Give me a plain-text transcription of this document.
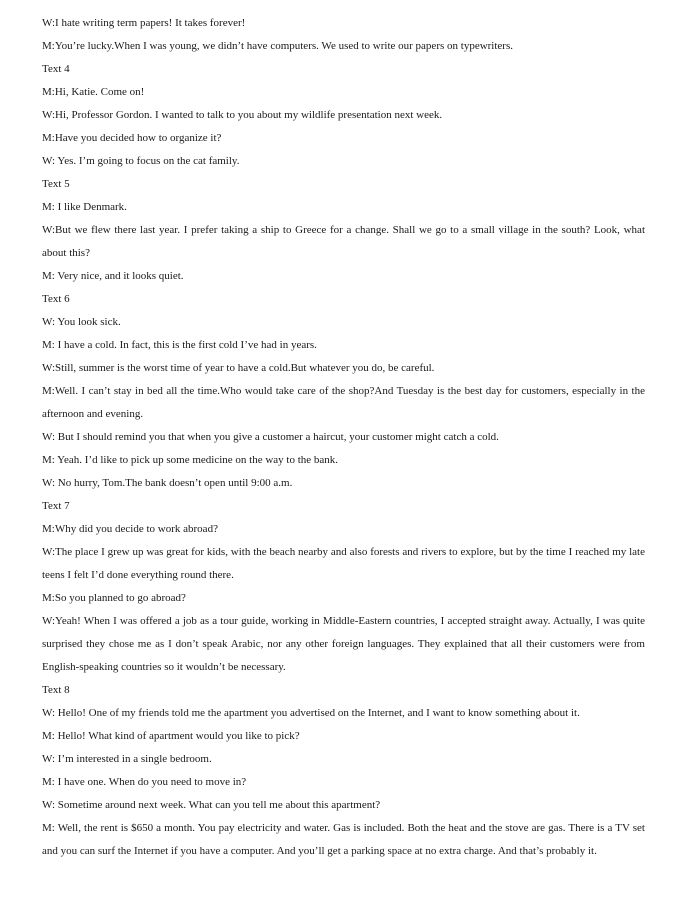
W:I hate writing term papers! It takes forever!

M:You’re lucky.When I was young, we didn’t have computers. We used to write our papers on typewriters.

Text 4

M:Hi, Katie. Come on!

W:Hi, Professor Gordon. I wanted to talk to you about my wildlife presentation next week.

M:Have you decided how to organize it?

W: Yes. I’m going to focus on the cat family.

Text 5

M: I like Denmark.

W:But we flew there last year. I prefer taking a ship to Greece for a change. Shall we go to a small village in the south? Look, what about this?

M: Very nice, and it looks quiet.

Text 6

W: You look sick.

M: I have a cold. In fact, this is the first cold I’ve had in years.

W:Still, summer is the worst time of year to have a cold.But whatever you do, be careful.

M:Well. I can’t stay in bed all the time.Who would take care of the shop?And Tuesday is the best day for customers, especially in the afternoon and evening.

W: But I should remind you that when you give a customer a haircut, your customer might catch a cold.

M: Yeah. I’d like to pick up some medicine on the way to the bank.

W: No hurry, Tom.The bank doesn’t open until 9:00 a.m.

Text 7

M:Why did you decide to work abroad?

W:The place I grew up was great for kids, with the beach nearby and also forests and rivers to explore, but by the time I reached my late teens I felt I’d done everything round there.

M:So you planned to go abroad?

W:Yeah! When I was offered a job as a tour guide, working in Middle-Eastern countries, I accepted straight away. Actually, I was quite surprised they chose me as I don’t speak Arabic, nor any other foreign languages. They explained that all their customers were from English-speaking countries so it wouldn’t be necessary.

Text 8

W: Hello! One of my friends told me the apartment you advertised on the Internet, and I want to know something about it.

M: Hello! What kind of apartment would you like to pick?

W: I’m interested in a single bedroom.

M: I have one. When do you need to move in?

W: Sometime around next week. What can you tell me about this apartment?

M: Well, the rent is $650 a month. You pay electricity and water. Gas is included. Both the heat and the stove are gas. There is a TV set and you can surf the Internet if you have a computer. And you’ll get a parking space at no extra charge. And that’s probably it.
